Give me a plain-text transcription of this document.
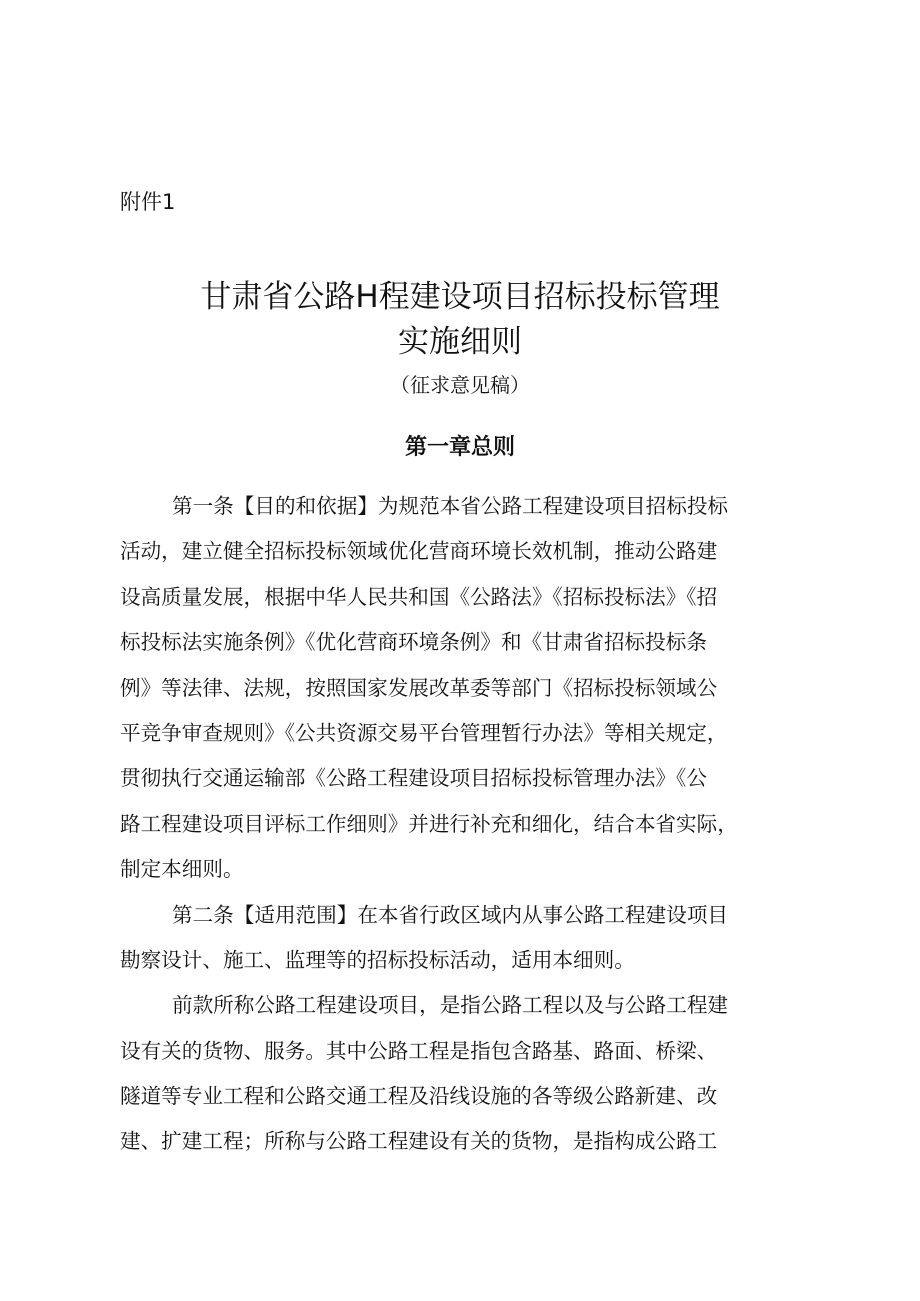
附件1
甘肃省公路H程建设项目招标投标管理
实施细则
（征求意见稿）
第一章总则
第一条【目的和依据】为规范本省公路工程建设项目招标投标
活动，建立健全招标投标领域优化营商环境长效机制，推动公路建
设高质量发展，根据中华人民共和国《公路法》《招标投标法》《招
标投标法实施条例》《优化营商环境条例》和《甘肃省招标投标条
例》等法律、法规，按照国家发展改革委等部门《招标投标领域公
平竞争审查规则》《公共资源交易平台管理暂行办法》等相关规定，
贯彻执行交通运输部《公路工程建设项目招标投标管理办法》《公
路工程建设项目评标工作细则》并进行补充和细化，结合本省实际，
制定本细则。
第二条【适用范围】在本省行政区域内从事公路工程建设项目
勘察设计、施工、监理等的招标投标活动，适用本细则。
前款所称公路工程建设项目，是指公路工程以及与公路工程建
设有关的货物、服务。其中公路工程是指包含路基、路面、桥梁、
隧道等专业工程和公路交通工程及沿线设施的各等级公路新建、改
建、扩建工程；所称与公路工程建设有关的货物，是指构成公路工
